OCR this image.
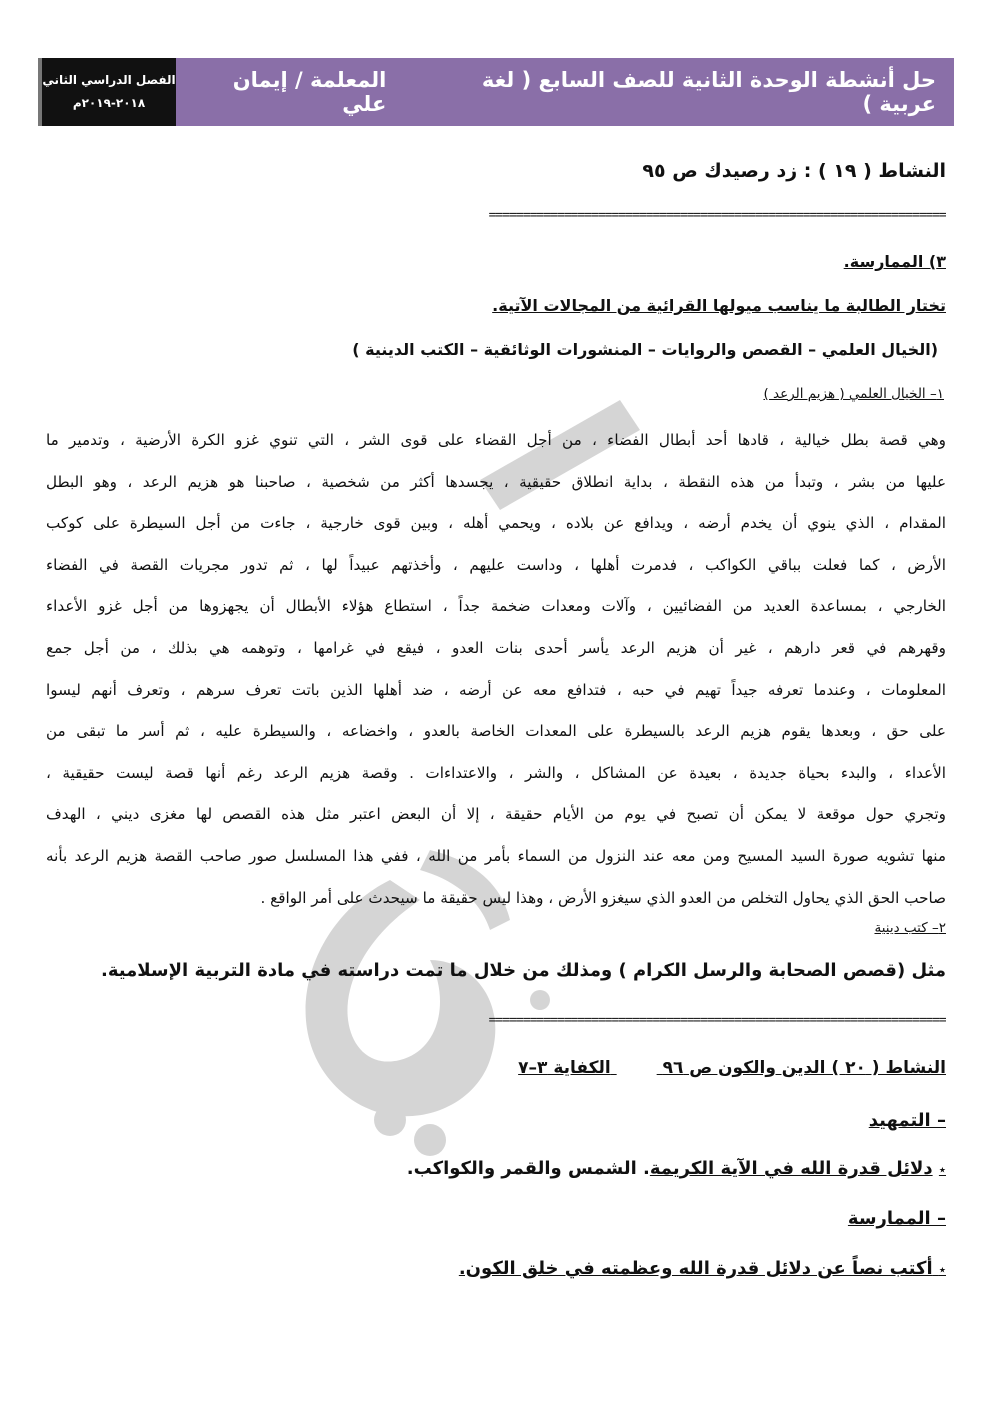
حل أنشطة الوحدة الثانية للصف السابع ( لغة عربية )
المعلمة / إيمان علي
الفصل الدراسي الثاني
٢٠١٨-٢٠١٩م
النشاط ( ١٩ ) : زد رصيدك ص ٩٥
===================================================================
٣) الممارسة.
تختار الطالبة ما يناسب ميولها القرائية من المجالات الآتية.
(الخيال العلمي – القصص والروايات – المنشورات الوثائقية – الكتب الدينية )
١– الخيال العلمي ( هزيم الرعد )
وهي قصة بطل خيالية ، قادها أحد أبطال الفضاء ، من أجل القضاء على قوى الشر ، التي تنوي غزو الكرة الأرضية ، وتدمير ما
عليها من بشر ، وتبدأ من هذه النقطة ، بداية انطلاق حقيقية ، يجسدها أكثر من شخصية ، صاحبنا هو هزيم الرعد ، وهو البطل
المقدام ، الذي ينوي أن يخدم أرضه ، ويدافع عن بلاده ، ويحمي أهله ، وبين قوى خارجية ، جاءت من أجل السيطرة على كوكب
الأرض ، كما فعلت بباقي الكواكب ، فدمرت أهلها ، وداست عليهم ، وأخذتهم عبيداً لها ، ثم تدور مجريات القصة في الفضاء
الخارجي ، بمساعدة العديد من الفضائيين ، وآلات ومعدات ضخمة جداً ، استطاع هؤلاء الأبطال أن يجهزوها من أجل غزو الأعداء
وقهرهم في قعر دارهم ، غير أن هزيم الرعد يأسر أحدى بنات العدو ، فيقع في غرامها ، وتوهمه هي بذلك ، من أجل جمع
المعلومات ، وعندما تعرفه جيداً تهيم في حبه ، فتدافع معه عن أرضه ، ضد أهلها الذين باتت تعرف سرهم ، وتعرف أنهم ليسوا
على حق ، وبعدها يقوم هزيم الرعد بالسيطرة على المعدات الخاصة بالعدو ، واخضاعه ، والسيطرة عليه ، ثم أسر ما تبقى من
الأعداء ، والبدء بحياة جديدة ، بعيدة عن المشاكل ، والشر ، والاعتداءات . وقصة هزيم الرعد رغم أنها قصة ليست حقيقية ،
وتجري حول موقعة لا يمكن أن تصبح في يوم من الأيام حقيقة ، إلا أن البعض اعتبر مثل هذه القصص لها مغزى ديني ، الهدف
منها تشويه صورة السيد المسيح ومن معه عند النزول من السماء بأمر من الله ، ففي هذا المسلسل صور صاحب القصة هزيم الرعد بأنه
صاحب الحق الذي يحاول التخلص من العدو الذي سيغزو الأرض ، وهذا ليس حقيقة ما سيحدث على أمر الواقع .
٢– كتب دينية
مثل (قصص الصحابة والرسل الكرام ) ومذلك من خلال ما تمت دراسته في مادة التربية الإسلامية.
===================================================================
النشاط ( ٢٠ ) الدين والكون ص ٩٦  الكفاية ٣–٧
– التمهيد
٭ دلائل قدرة الله في الآية الكريمة. الشمس والقمر والكواكب.
– الممارسة
٭ أكتب نصاً عن دلائل قدرة الله وعظمته في خلق الكون.
